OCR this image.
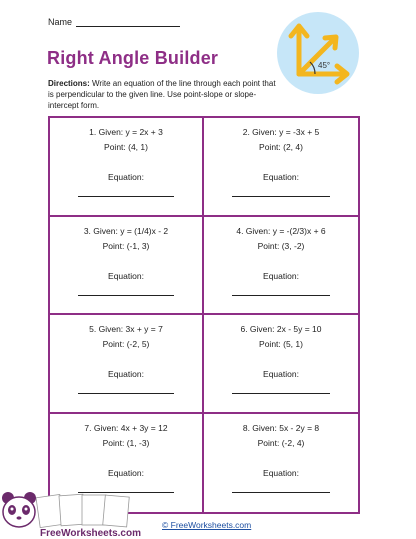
Name
Right Angle Builder
Directions: Write an equation of the line through each point that is perpendicular to the given line. Use point-slope or slope-intercept form.
45°
1. Given: y = 2x + 3
Point: (4, 1)
Equation:
2. Given: y = -3x + 5
Point: (2, 4)
Equation:
3. Given: y = (1/4)x - 2
Point: (-1, 3)
Equation:
4. Given: y = -(2/3)x + 6
Point: (3, -2)
Equation:
5. Given: 3x + y = 7
Point: (-2, 5)
Equation:
6. Given: 2x - 5y = 10
Point: (5, 1)
Equation:
7. Given: 4x + 3y = 12
Point: (1, -3)
Equation:
8. Given: 5x - 2y = 8
Point: (-2, 4)
Equation:
© FreeWorksheets.com
FreeWorksheets.com
